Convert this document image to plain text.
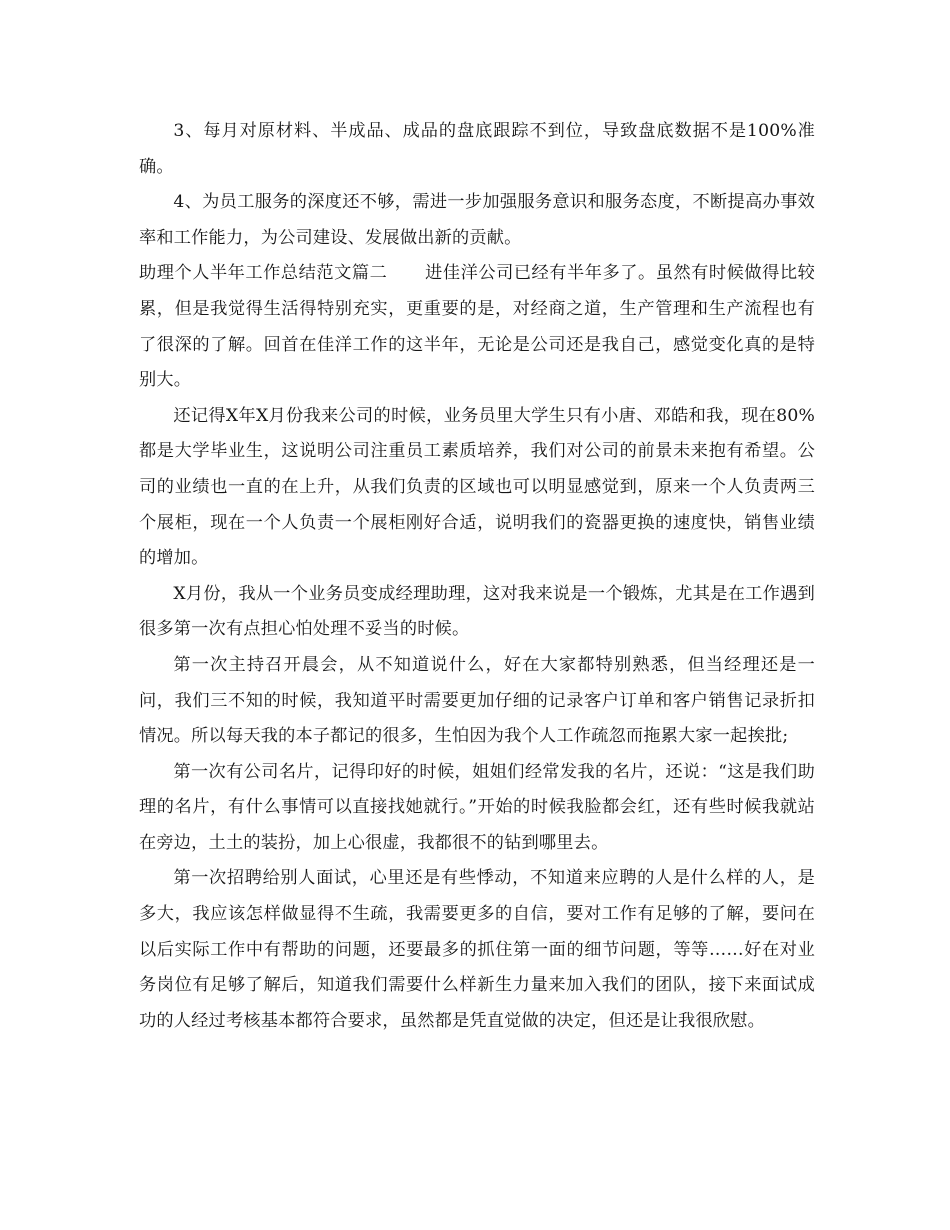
3、每月对原材料、半成品、成品的盘底跟踪不到位，导致盘底数据不是100%准确。

4、为员工服务的深度还不够，需进一步加强服务意识和服务态度，不断提高办事效率和工作能力，为公司建设、发展做出新的贡献。

助理个人半年工作总结范文篇二 进佳洋公司已经有半年多了。虽然有时候做得比较累，但是我觉得生活得特别充实，更重要的是，对经商之道，生产管理和生产流程也有了很深的了解。回首在佳洋工作的这半年，无论是公司还是我自己，感觉变化真的是特别大。

还记得X年X月份我来公司的时候，业务员里大学生只有小唐、邓皓和我，现在80%都是大学毕业生，这说明公司注重员工素质培养，我们对公司的前景未来抱有希望。公司的业绩也一直的在上升，从我们负责的区域也可以明显感觉到，原来一个人负责两三个展柜，现在一个人负责一个展柜刚好合适，说明我们的瓷器更换的速度快，销售业绩的增加。

X月份，我从一个业务员变成经理助理，这对我来说是一个锻炼，尤其是在工作遇到很多第一次有点担心怕处理不妥当的时候。

第一次主持召开晨会，从不知道说什么，好在大家都特别熟悉，但当经理还是一问，我们三不知的时候，我知道平时需要更加仔细的记录客户订单和客户销售记录折扣情况。所以每天我的本子都记的很多，生怕因为我个人工作疏忽而拖累大家一起挨批;

第一次有公司名片，记得印好的时候，姐姐们经常发我的名片，还说：“这是我们助理的名片，有什么事情可以直接找她就行。”开始的时候我脸都会红，还有些时候我就站在旁边，土土的装扮，加上心很虚，我都很不的钻到哪里去。

第一次招聘给别人面试，心里还是有些悸动，不知道来应聘的人是什么样的人，是多大，我应该怎样做显得不生疏，我需要更多的自信，要对工作有足够的了解，要问在以后实际工作中有帮助的问题，还要最多的抓住第一面的细节问题，等等……好在对业务岗位有足够了解后，知道我们需要什么样新生力量来加入我们的团队，接下来面试成功的人经过考核基本都符合要求，虽然都是凭直觉做的决定，但还是让我很欣慰。
